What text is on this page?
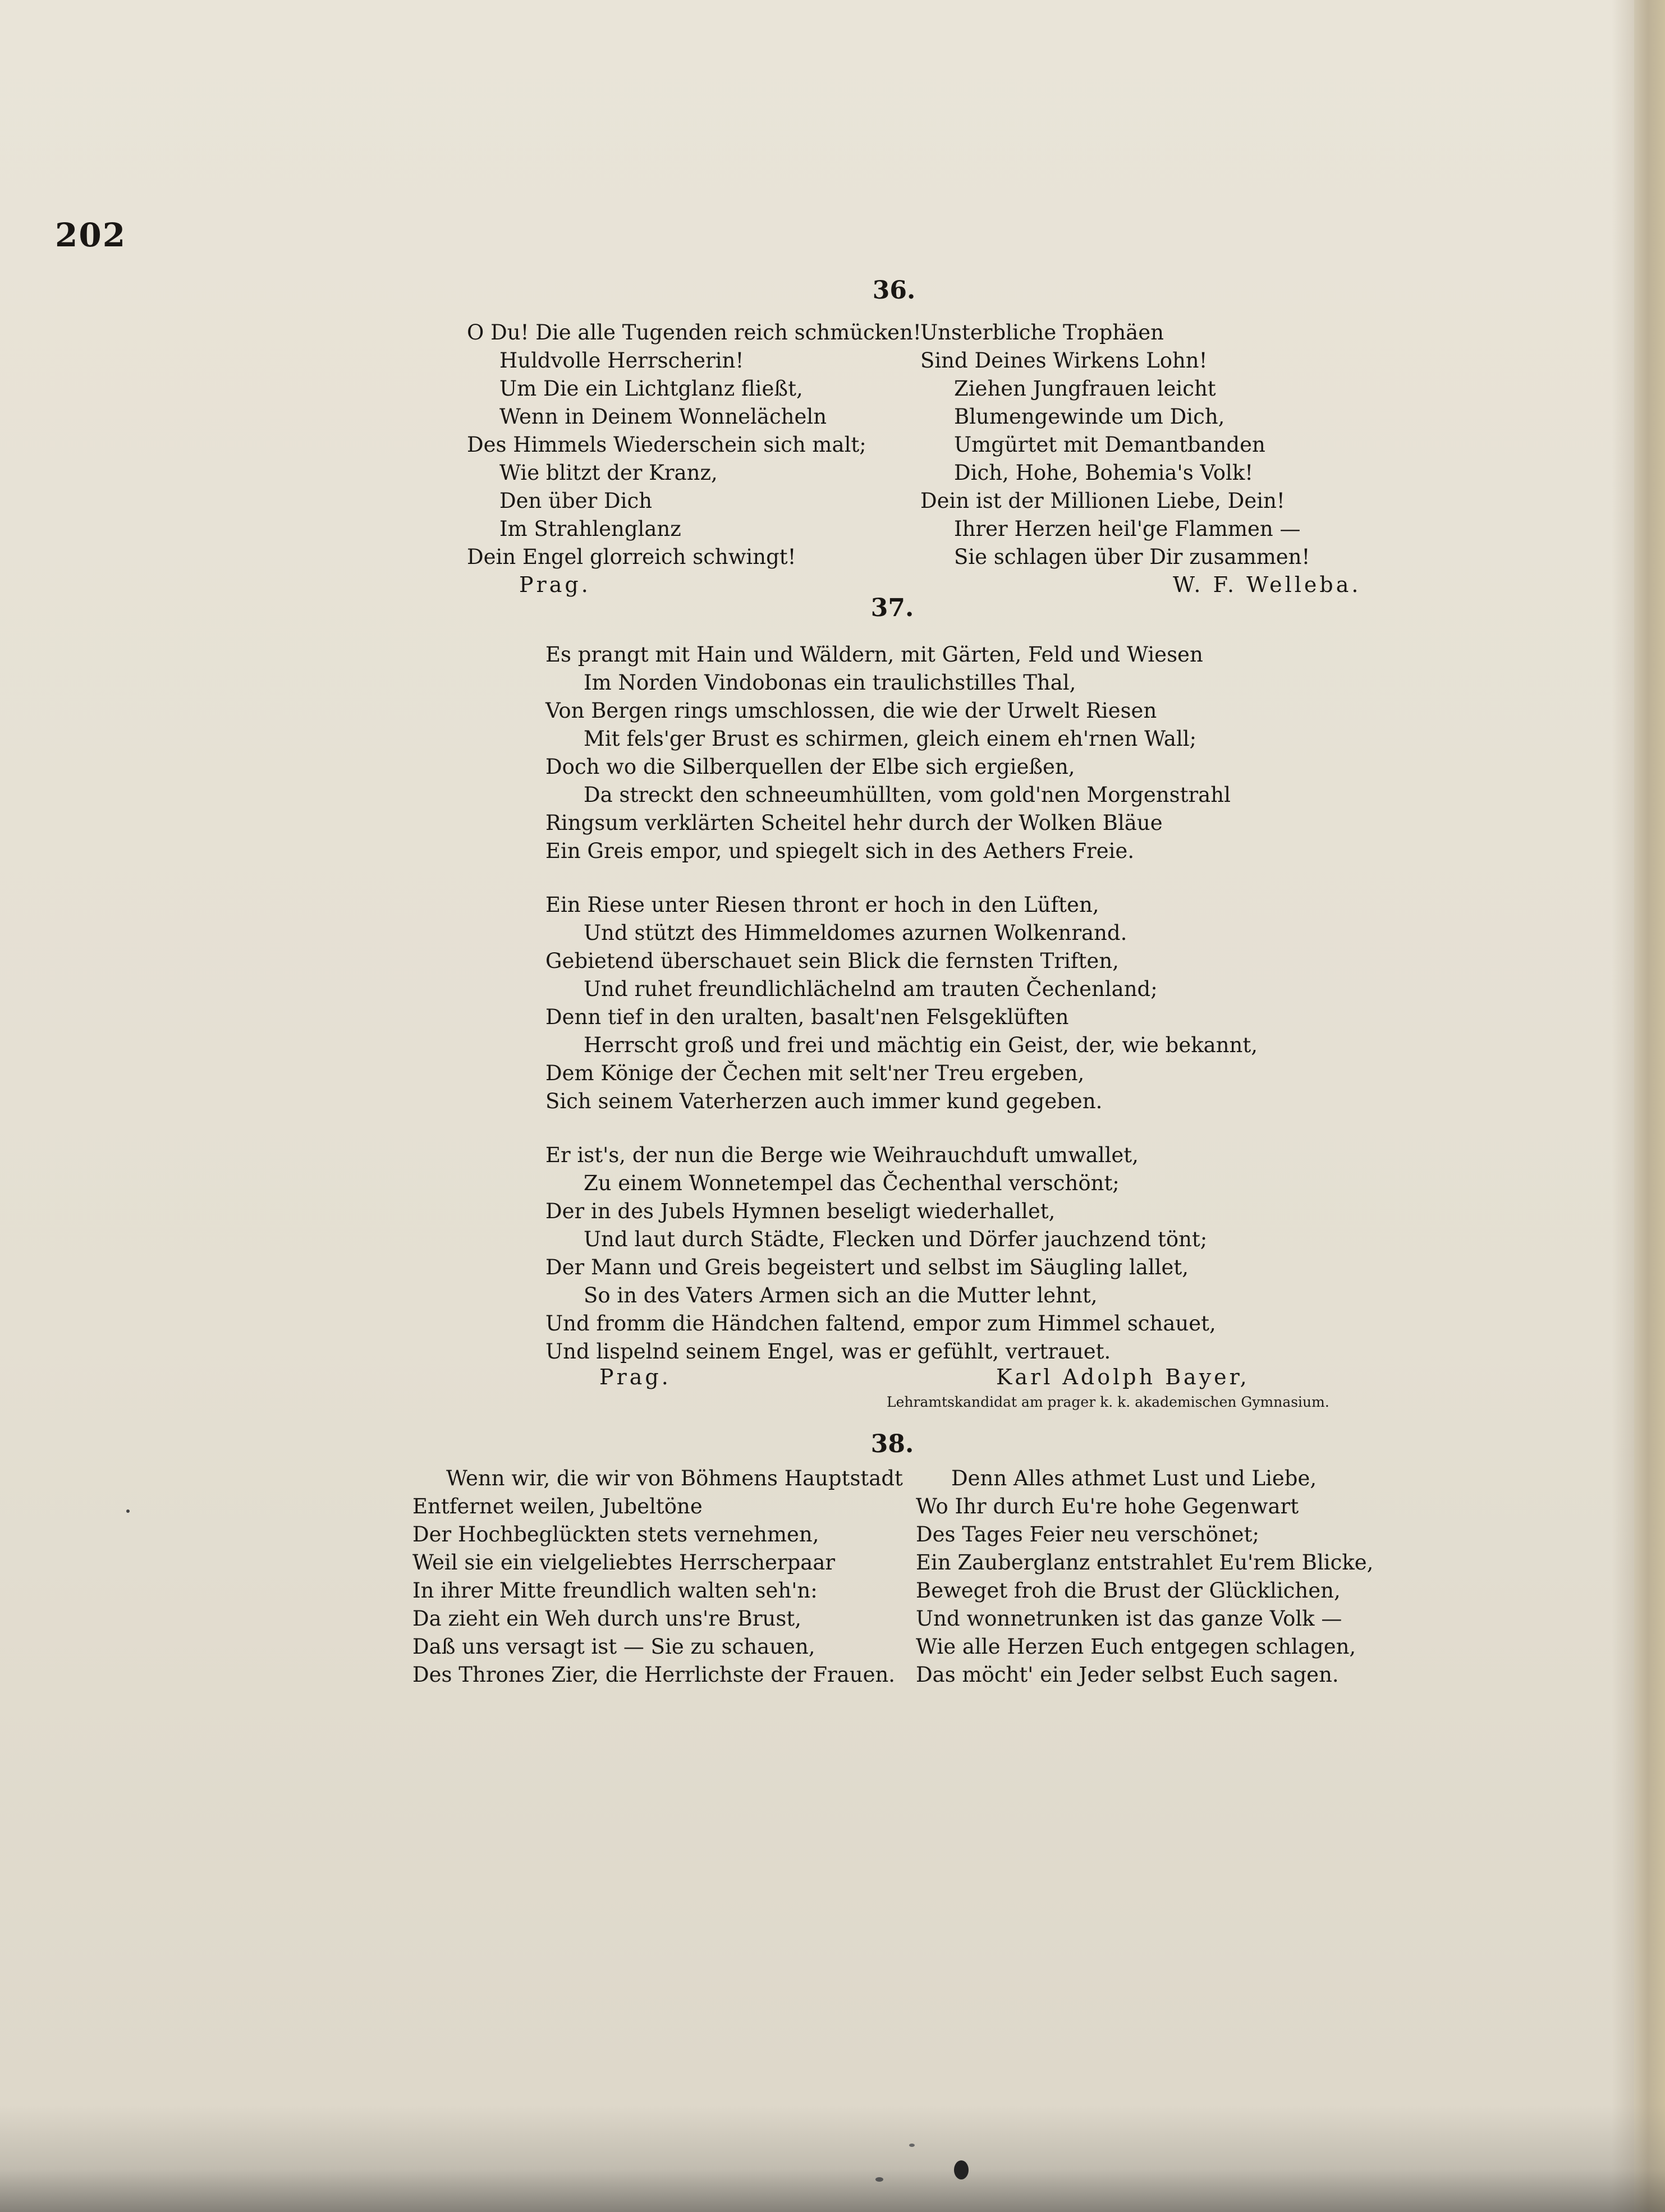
202
36.
O Du! Die alle Tugenden reich schmücken!
Huldvolle Herrscherin!
Um Die ein Lichtglanz fließt,
Wenn in Deinem Wonnelächeln
Des Himmels Wiederschein sich malt;
Wie blitzt der Kranz,
Den über Dich
Im Strahlenglanz
Dein Engel glorreich schwingt!
Unsterbliche Trophäen
Sind Deines Wirkens Lohn!
Ziehen Jungfrauen leicht
Blumengewinde um Dich,
Umgürtet mit Demantbanden
Dich, Hohe, Bohemia's Volk!
Dein ist der Millionen Liebe, Dein!
Ihrer Herzen heil'ge Flammen —
Sie schlagen über Dir zusammen!
Prag.	W. F. Welleba.
37.
Es prangt mit Hain und Wäldern, mit Gärten, Feld und Wiesen
Im Norden Vindobonas ein traulichstilles Thal,
Von Bergen rings umschlossen, die wie der Urwelt Riesen
Mit fels'ger Brust es schirmen, gleich einem eh'rnen Wall;
Doch wo die Silberquellen der Elbe sich ergießen,
Da streckt den schneeumhüllten, vom gold'nen Morgenstrahl
Ringsum verklärten Scheitel hehr durch der Wolken Bläue
Ein Greis empor, und spiegelt sich in des Aethers Freie.
Ein Riese unter Riesen thront er hoch in den Lüften,
Und stützt des Himmeldomes azurnen Wolkenrand.
Gebietend überschauet sein Blick die fernsten Triften,
Und ruhet freundlichlächelnd am trauten Čechenland;
Denn tief in den uralten, basalt'nen Felsgeklüften
Herrscht groß und frei und mächtig ein Geist, der, wie bekannt,
Dem Könige der Čechen mit selt'ner Treu ergeben,
Sich seinem Vaterherzen auch immer kund gegeben.
Er ist's, der nun die Berge wie Weihrauchduft umwallet,
Zu einem Wonnetempel das Čechenthal verschönt;
Der in des Jubels Hymnen beseligt wiederhallet,
Und laut durch Städte, Flecken und Dörfer jauchzend tönt;
Der Mann und Greis begeistert und selbst im Säugling lallet,
So in des Vaters Armen sich an die Mutter lehnt,
Und fromm die Händchen faltend, empor zum Himmel schauet,
Und lispelnd seinem Engel, was er gefühlt, vertrauet.
Prag.	Karl Adolph Bayer,
Lehramtskandidat am prager k. k. akademischen Gymnasium.
38.
Wenn wir, die wir von Böhmens Hauptstadt
Entfernet weilen, Jubeltöne
Der Hochbeglückten stets vernehmen,
Weil sie ein vielgeliebtes Herrscherpaar
In ihrer Mitte freundlich walten seh'n:
Da zieht ein Weh durch uns're Brust,
Daß uns versagt ist — Sie zu schauen,
Des Thrones Zier, die Herrlichste der Frauen.
Denn Alles athmet Lust und Liebe,
Wo Ihr durch Eu're hohe Gegenwart
Des Tages Feier neu verschönet;
Ein Zauberglanz entstrahlet Eu'rem Blicke,
Beweget froh die Brust der Glücklichen,
Und wonnetrunken ist das ganze Volk —
Wie alle Herzen Euch entgegen schlagen,
Das möcht' ein Jeder selbst Euch sagen.
